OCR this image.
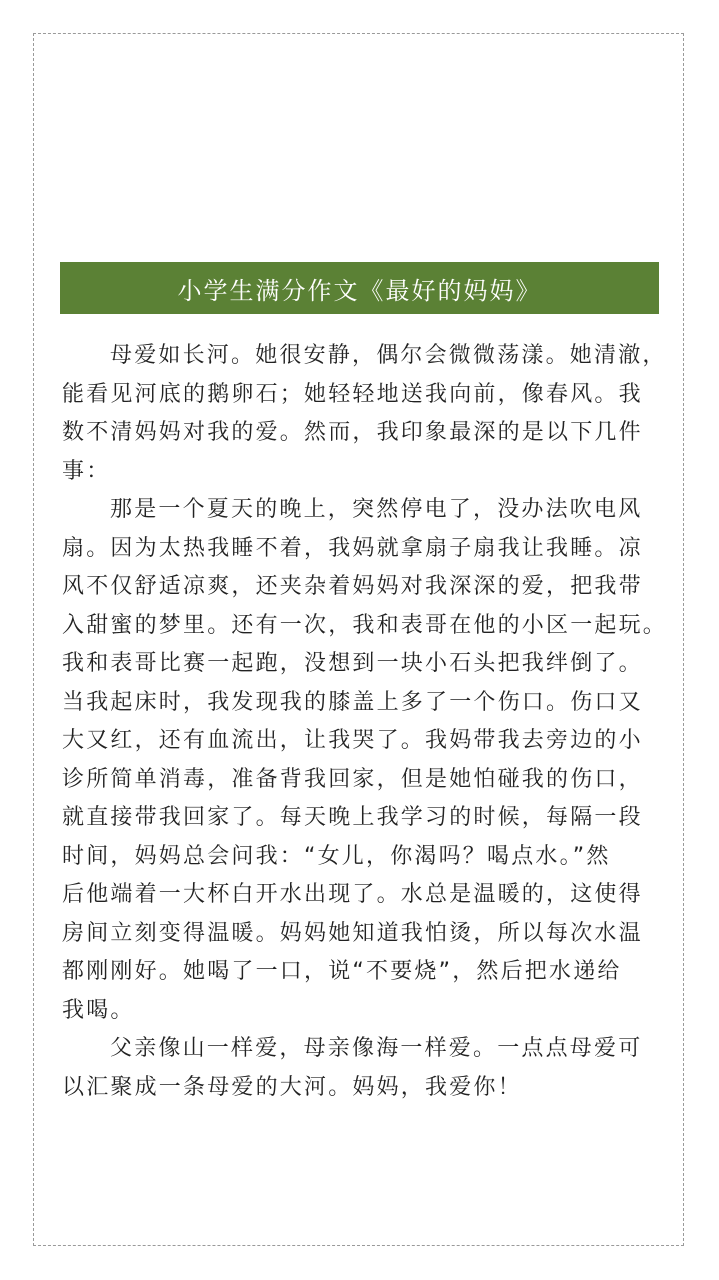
小学生满分作文《最好的妈妈》
母爱如长河。她很安静，偶尔会微微荡漾。她清澈，
能看见河底的鹅卵石；她轻轻地送我向前，像春风。我
数不清妈妈对我的爱。然而，我印象最深的是以下几件
事：
那是一个夏天的晚上，突然停电了，没办法吹电风
扇。因为太热我睡不着，我妈就拿扇子扇我让我睡。凉
风不仅舒适凉爽，还夹杂着妈妈对我深深的爱，把我带
入甜蜜的梦里。还有一次，我和表哥在他的小区一起玩。
我和表哥比赛一起跑，没想到一块小石头把我绊倒了。
当我起床时，我发现我的膝盖上多了一个伤口。伤口又
大又红，还有血流出，让我哭了。我妈带我去旁边的小
诊所简单消毒，准备背我回家，但是她怕碰我的伤口，
就直接带我回家了。每天晚上我学习的时候，每隔一段
时间，妈妈总会问我：“女儿，你渴吗？喝点水。”然
后他端着一大杯白开水出现了。水总是温暖的，这使得
房间立刻变得温暖。妈妈她知道我怕烫，所以每次水温
都刚刚好。她喝了一口，说“不要烧”，然后把水递给
我喝。
父亲像山一样爱，母亲像海一样爱。一点点母爱可
以汇聚成一条母爱的大河。妈妈，我爱你！
